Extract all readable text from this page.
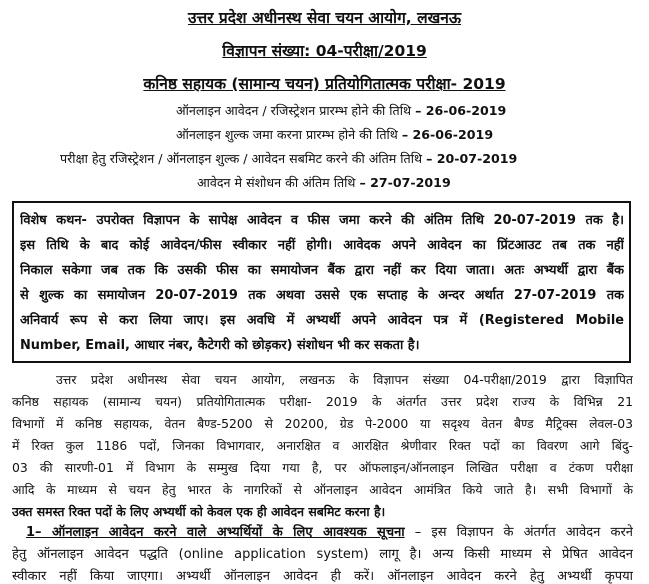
उत्तर प्रदेश अधीनस्थ सेवा चयन आयोग, लखनऊ
विज्ञापन संख्या: 04-परीक्षा/2019
कनिष्ठ सहायक (सामान्य चयन) प्रतियोगितात्मक परीक्षा- 2019
ऑनलाइन आवेदन / रजिस्ट्रेशन प्रारम्भ होने की तिथि – 26-06-2019
ऑनलाइन शुल्क जमा करना प्रारम्भ होने की तिथि – 26-06-2019
परीक्षा हेतु रजिस्ट्रेशन / ऑनलाइन शुल्क / आवेदन सबमिट करने की अंतिम तिथि – 20-07-2019
आवेदन मे संशोधन की अंतिम तिथि – 27-07-2019
विशेष कथन- उपरोक्त विज्ञापन के सापेक्ष आवेदन व फीस जमा करने की अंतिम तिथि 20-07-2019 तक है।
इस तिथि के बाद कोई आवेदन/फीस स्वीकार नहीं होगी। आवेदक अपने आवेदन का प्रिंटआउट तब तक नहीं
निकाल सकेगा जब तक कि उसकी फीस का समायोजन बैंक द्वारा नहीं कर दिया जाता। अतः अभ्यर्थी द्वारा बैंक
से शुल्क का समायोजन 20-07-2019 तक अथवा उससे एक सप्ताह के अन्दर अर्थात 27-07-2019 तक
अनिवार्य रूप से करा लिया जाए। इस अवधि में अभ्यर्थी अपने आवेदन पत्र में (Registered Mobile
Number, Email, आधार नंबर, कैटेगरी को छोड़कर) संशोधन भी कर सकता है।
उत्तर प्रदेश अधीनस्थ सेवा चयन आयोग, लखनऊ के विज्ञापन संख्या 04-परीक्षा/2019 द्वारा विज्ञापित
कनिष्ठ सहायक (सामान्य चयन) प्रतियोगितात्मक परीक्षा- 2019 के अंतर्गत उत्तर प्रदेश राज्य के विभिन्न 21
विभागों में कनिष्ठ सहायक, वेतन बैण्ड-5200 से 20200, ग्रेड पे-2000 या सदृश्य वेतन बैण्ड मैट्रिक्स लेवल-03
में रिक्त कुल 1186 पदों, जिनका विभागवार, अनारक्षित व आरक्षित श्रेणीवार रिक्त पदों का विवरण आगे बिंदु-
03 की सारणी-01 में विभाग के सम्मुख दिया गया है, पर ऑफलाइन/ऑनलाइन लिखित परीक्षा व टंकण परीक्षा
आदि के माध्यम से चयन हेतु भारत के नागरिकों से ऑनलाइन आवेदन आमंत्रित किये जाते है। सभी विभागों के
उक्त समस्त रिक्त पदों के लिए अभ्यर्थी को केवल एक ही आवेदन सबमिट करना है।
1– ऑनलाइन आवेदन करने वाले अभ्यर्थियों के लिए आवश्यक सूचना – इस विज्ञापन के अंतर्गत आवेदन करने
हेतु ऑनलाइन आवेदन पद्धति (online application system) लागू है। अन्य किसी माध्यम से प्रेषित आवेदन
स्वीकार नहीं किया जाएगा। अभ्यर्थी ऑनलाइन आवेदन ही करें। ऑनलाइन आवेदन करने हेतु अभ्यर्थी कृपया
